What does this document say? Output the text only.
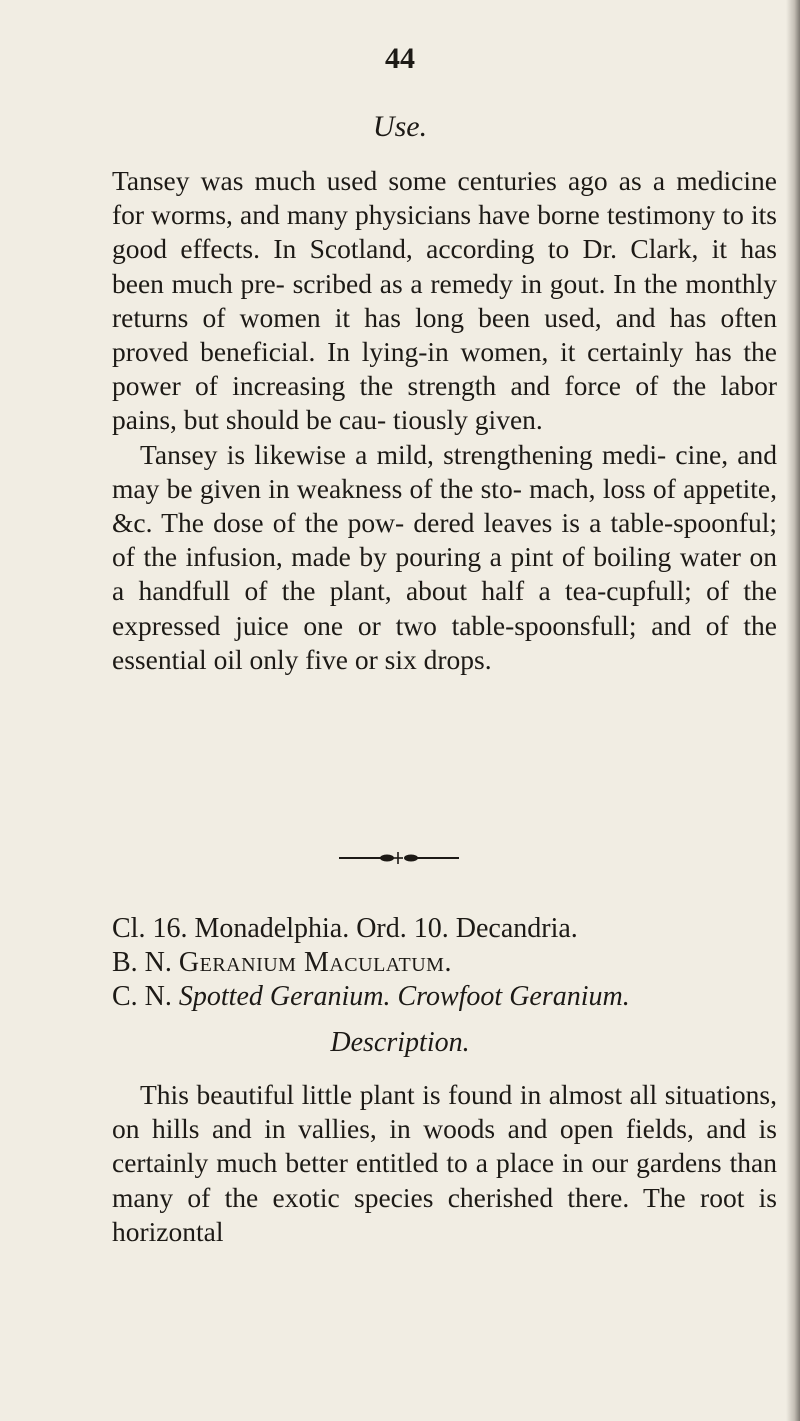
44
Use.

Tansey was much used some centuries ago as a medicine for worms, and many physicians have borne testimony to its good effects. In Scotland, according to Dr. Clark, it has been much pre- scribed as a remedy in gout. In the monthly returns of women it has long been used, and has often proved beneficial. In lying-in women, it certainly has the power of increasing the strength and force of the labor pains, but should be cau- tiously given.

Tansey is likewise a mild, strengthening medi- cine, and may be given in weakness of the sto- mach, loss of appetite, &c. The dose of the pow- dered leaves is a table-spoonful; of the infusion, made by pouring a pint of boiling water on a handfull of the plant, about half a tea-cupfull; of the expressed juice one or two table-spoonsfull; and of the essential oil only five or six drops.

Cl. 16. Monadelphia. Ord. 10. Decandria.
B. N. Geranium Maculatum.
C. N. Spotted Geranium. Crowfoot Geranium.
Description.

This beautiful little plant is found in almost all situations, on hills and in vallies, in woods and open fields, and is certainly much better entitled to a place in our gardens than many of the exotic species cherished there. The root is horizontal
